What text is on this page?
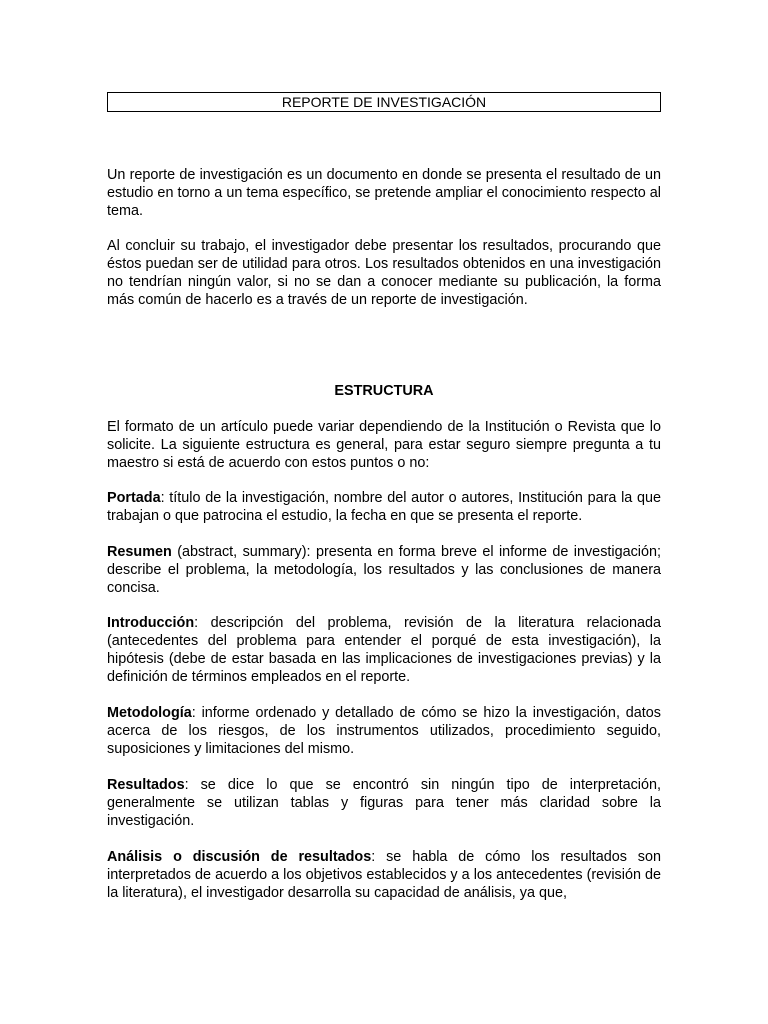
REPORTE DE INVESTIGACIÓN

Un reporte de investigación es un documento en donde se presenta el resultado de un estudio en torno a un tema específico, se pretende ampliar el conocimiento respecto al tema.

Al concluir su trabajo, el investigador debe presentar los resultados, procurando que éstos puedan ser de utilidad para otros. Los resultados obtenidos en una investigación no tendrían ningún valor, si no se dan a conocer mediante su publicación, la forma más común de hacerlo es a través de un reporte de investigación.

ESTRUCTURA

El formato de un artículo puede variar dependiendo de la Institución o Revista que lo solicite. La siguiente estructura es general, para estar seguro siempre pregunta a tu maestro si está de acuerdo con estos puntos o no:

Portada: título de la investigación, nombre del autor o autores, Institución para la que trabajan o que patrocina el estudio, la fecha en que se presenta el reporte.

Resumen (abstract, summary): presenta en forma breve el informe de investigación; describe el problema, la metodología, los resultados y las conclusiones de manera concisa.

Introducción: descripción del problema, revisión de la literatura relacionada (antecedentes del problema para entender el porqué de esta investigación), la hipótesis (debe de estar basada en las implicaciones de investigaciones previas) y la definición de términos empleados en el reporte.

Metodología: informe ordenado y detallado de cómo se hizo la investigación, datos acerca de los riesgos, de los instrumentos utilizados, procedimiento seguido, suposiciones y limitaciones del mismo.

Resultados: se dice lo que se encontró sin ningún tipo de interpretación, generalmente se utilizan tablas y figuras para tener más claridad sobre la investigación.

Análisis o discusión de resultados: se habla de cómo los resultados son interpretados de acuerdo a los objetivos establecidos y a los antecedentes (revisión de la literatura), el investigador desarrolla su capacidad de análisis, ya que,
